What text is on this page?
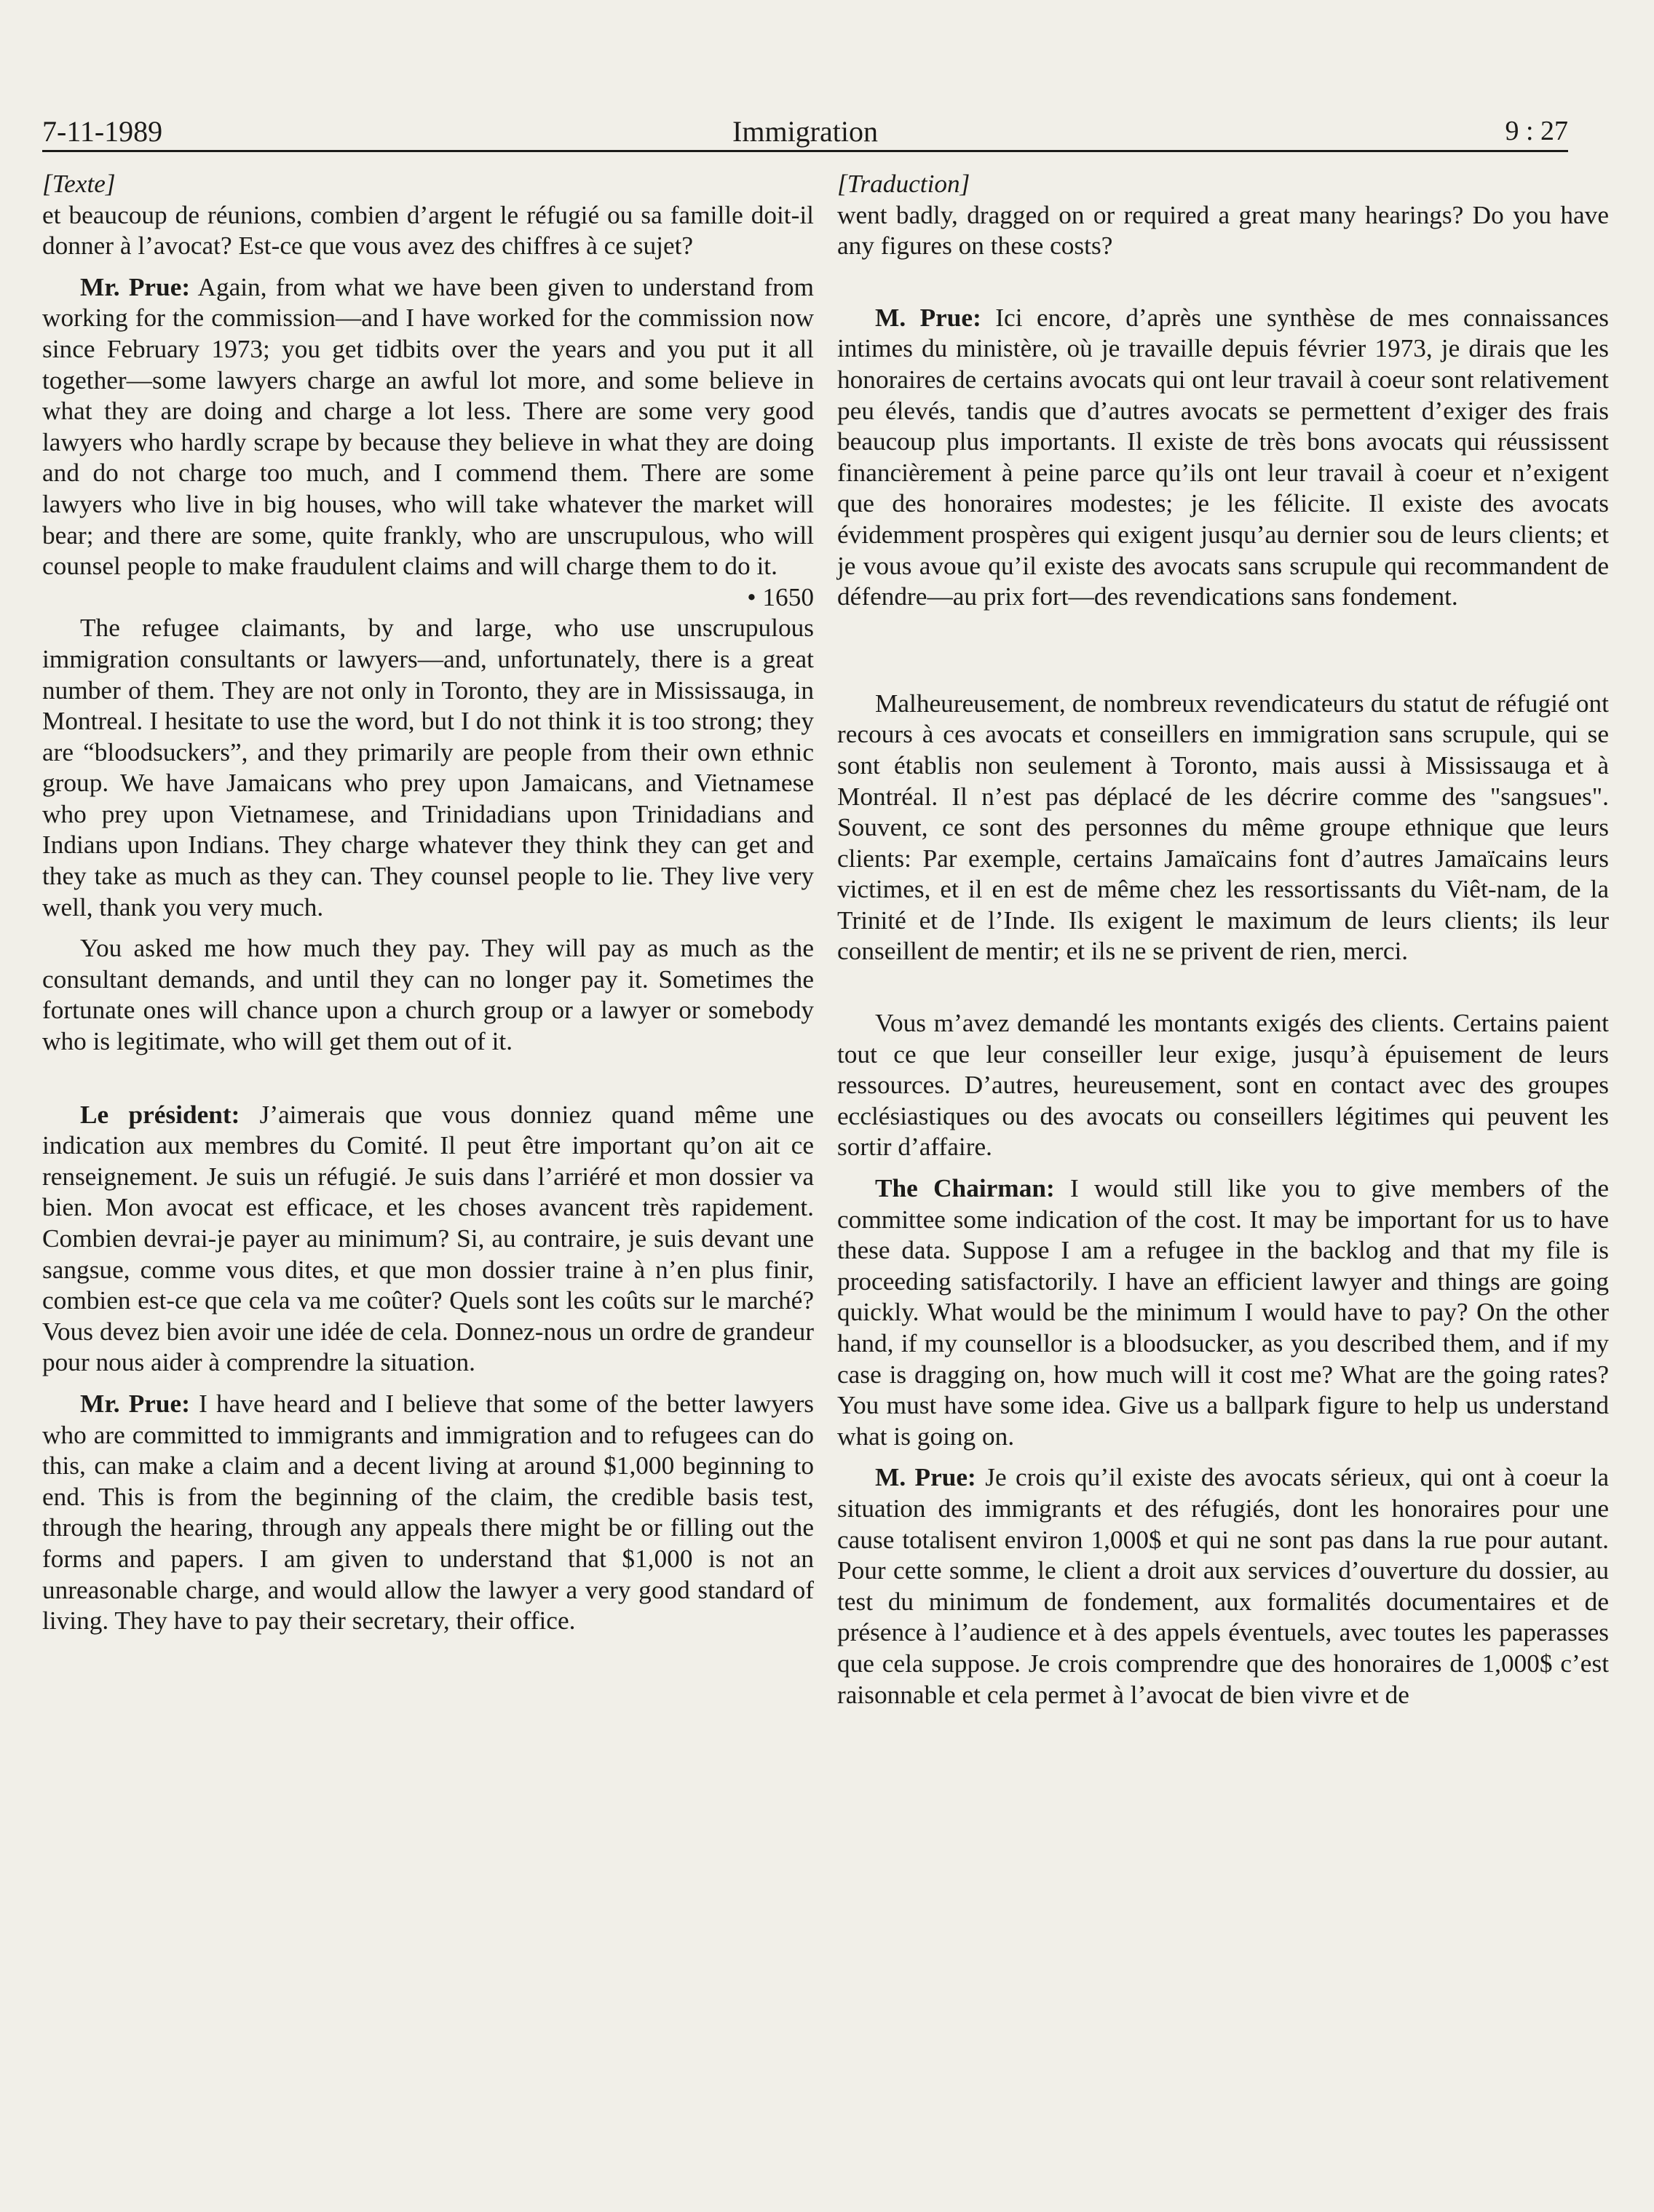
7-11-1989	Immigration	9 : 27

[Texte]

et beaucoup de réunions, combien d’argent le réfugié ou sa famille doit-il donner à l’avocat? Est-ce que vous avez des chiffres à ce sujet?

Mr. Prue: Again, from what we have been given to understand from working for the commission—and I have worked for the commission now since February 1973; you get tidbits over the years and you put it all together—some lawyers charge an awful lot more, and some believe in what they are doing and charge a lot less. There are some very good lawyers who hardly scrape by because they believe in what they are doing and do not charge too much, and I commend them. There are some lawyers who live in big houses, who will take whatever the market will bear; and there are some, quite frankly, who are unscrupulous, who will counsel people to make fraudulent claims and will charge them to do it.

• 1650

The refugee claimants, by and large, who use unscrupulous immigration consultants or lawyers—and, unfortunately, there is a great number of them. They are not only in Toronto, they are in Mississauga, in Montreal. I hesitate to use the word, but I do not think it is too strong; they are “bloodsuckers”, and they primarily are people from their own ethnic group. We have Jamaicans who prey upon Jamaicans, and Vietnamese who prey upon Vietnamese, and Trinidadians upon Trinidadians and Indians upon Indians. They charge whatever they think they can get and they take as much as they can. They counsel people to lie. They live very well, thank you very much.

You asked me how much they pay. They will pay as much as the consultant demands, and until they can no longer pay it. Sometimes the fortunate ones will chance upon a church group or a lawyer or somebody who is legitimate, who will get them out of it.

Le président: J’aimerais que vous donniez quand même une indication aux membres du Comité. Il peut être important qu’on ait ce renseignement. Je suis un réfugié. Je suis dans l’arriéré et mon dossier va bien. Mon avocat est efficace, et les choses avancent très rapidement. Combien devrai-je payer au minimum? Si, au contraire, je suis devant une sangsue, comme vous dites, et que mon dossier traine à n’en plus finir, combien est-ce que cela va me coûter? Quels sont les coûts sur le marché? Vous devez bien avoir une idée de cela. Donnez-nous un ordre de grandeur pour nous aider à comprendre la situation.

Mr. Prue: I have heard and I believe that some of the better lawyers who are committed to immigrants and immigration and to refugees can do this, can make a claim and a decent living at around $1,000 beginning to end. This is from the beginning of the claim, the credible basis test, through the hearing, through any appeals there might be or filling out the forms and papers. I am given to understand that $1,000 is not an unreasonable charge, and would allow the lawyer a very good standard of living. They have to pay their secretary, their office.

[Traduction]

went badly, dragged on or required a great many hearings? Do you have any figures on these costs?

M. Prue: Ici encore, d’après une synthèse de mes connaissances intimes du ministère, où je travaille depuis février 1973, je dirais que les honoraires de certains avocats qui ont leur travail à coeur sont relativement peu élevés, tandis que d’autres avocats se permettent d’exiger des frais beaucoup plus importants. Il existe de très bons avocats qui réussissent financièrement à peine parce qu’ils ont leur travail à coeur et n’exigent que des honoraires modestes; je les félicite. Il existe des avocats évidemment prospères qui exigent jusqu’au dernier sou de leurs clients; et je vous avoue qu’il existe des avocats sans scrupule qui recommandent de défendre—au prix fort—des revendications sans fondement.

Malheureusement, de nombreux revendicateurs du statut de réfugié ont recours à ces avocats et conseillers en immigration sans scrupule, qui se sont établis non seulement à Toronto, mais aussi à Mississauga et à Montréal. Il n’est pas déplacé de les décrire comme des "sangsues". Souvent, ce sont des personnes du même groupe ethnique que leurs clients: Par exemple, certains Jamaïcains font d’autres Jamaïcains leurs victimes, et il en est de même chez les ressortissants du Viêt-nam, de la Trinité et de l’Inde. Ils exigent le maximum de leurs clients; ils leur conseillent de mentir; et ils ne se privent de rien, merci.

Vous m’avez demandé les montants exigés des clients. Certains paient tout ce que leur conseiller leur exige, jusqu’à épuisement de leurs ressources. D’autres, heureusement, sont en contact avec des groupes ecclésiastiques ou des avocats ou conseillers légitimes qui peuvent les sortir d’affaire.

The Chairman: I would still like you to give members of the committee some indication of the cost. It may be important for us to have these data. Suppose I am a refugee in the backlog and that my file is proceeding satisfactorily. I have an efficient lawyer and things are going quickly. What would be the minimum I would have to pay? On the other hand, if my counsellor is a bloodsucker, as you described them, and if my case is dragging on, how much will it cost me? What are the going rates? You must have some idea. Give us a ballpark figure to help us understand what is going on.

M. Prue: Je crois qu’il existe des avocats sérieux, qui ont à coeur la situation des immigrants et des réfugiés, dont les honoraires pour une cause totalisent environ 1,000$ et qui ne sont pas dans la rue pour autant. Pour cette somme, le client a droit aux services d’ouverture du dossier, au test du minimum de fondement, aux formalités documentaires et de présence à l’audience et à des appels éventuels, avec toutes les paperasses que cela suppose. Je crois comprendre que des honoraires de 1,000$ c’est raisonnable et cela permet à l’avocat de bien vivre et de
